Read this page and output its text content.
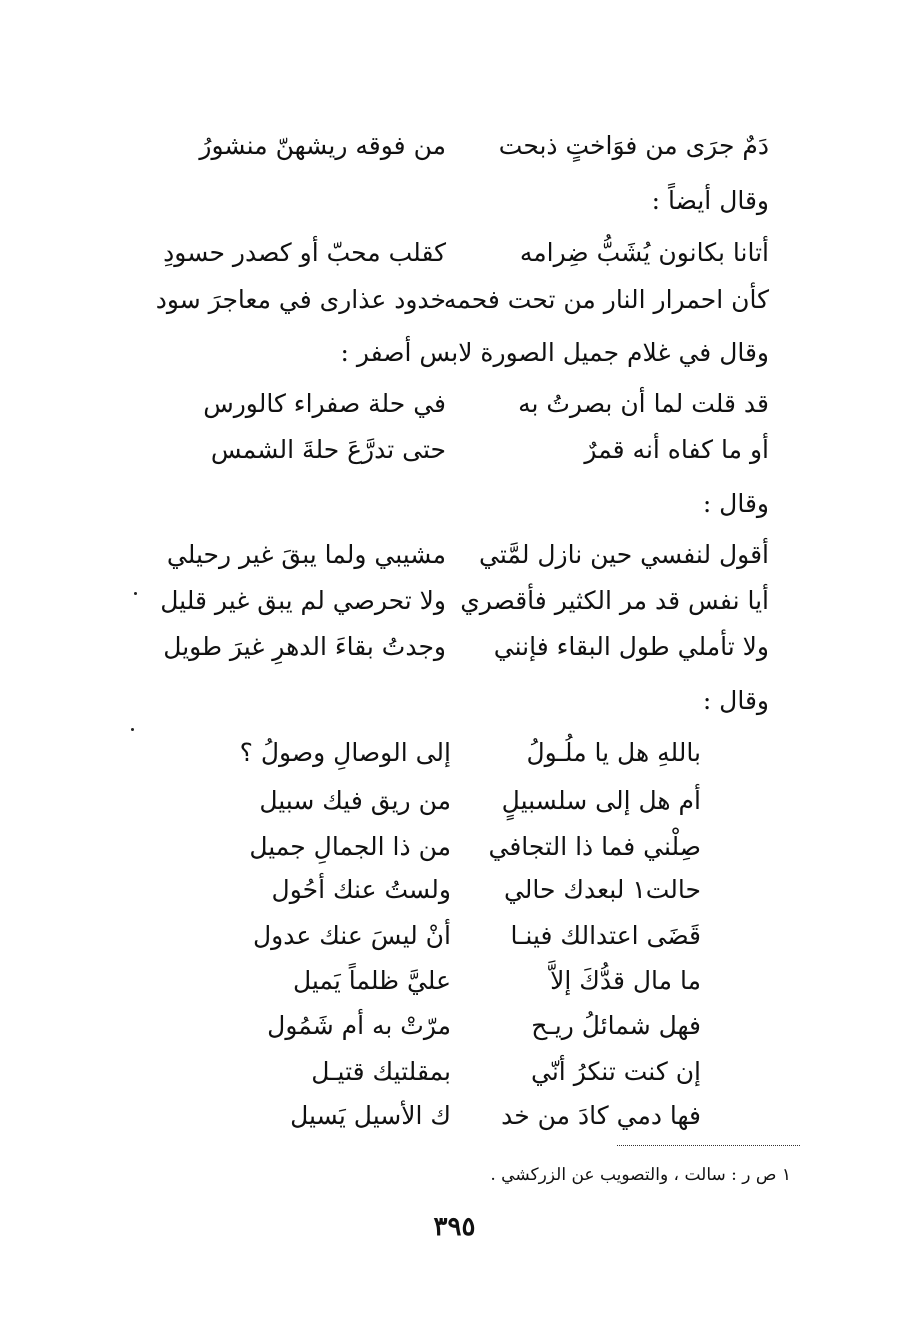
دَمٌ جرَى من فوَاختٍ ذبحت
من فوقه ريشهنّ منشورُ
وقال أيضاً :
أتانا بكانون يُشَبُّ ضِرامه
كقلب محبّ أو كصدر حسودِ
كأن احمرار النار من تحت فحمه
خدود عذارى في معاجرَ سود
وقال في غلام جميل الصورة لابس أصفر :
قد قلت لما أن بصرتُ به
في حلة صفراء كالورس
أو ما كفاه أنه قمرٌ
حتى تدرَّعَ حلةَ الشمس
وقال :
أقول لنفسي حين نازل لمَّتي
مشيبي ولما يبقَ غير رحيلي
أيا نفس قد مر الكثير فأقصري
ولا تحرصي لم يبق غير قليل
ولا تأملي طول البقاء فإنني
وجدتُ بقاءَ الدهرِ غيرَ طويل
وقال :
باللهِ هل يا ملُـولُ
إلى الوصالِ وصولُ ؟
أم هل إلى سلسبيلٍ
من ريق فيك سبيل
صِلْني فما ذا التجافي
من ذا الجمالِ جميل
حالت١ لبعدك حالي
ولستُ عنك أحُول
قَضَى اعتدالك فينـا
أنْ ليسَ عنك عدول
ما مال قدُّكَ إلاَّ
عليَّ ظلماً يَميل
فهل شمائلُ ريـح
مرّتْ به أم شَمُول
إن كنت تنكرُ أنّي
بمقلتيك قتيـل
فها دمي كادَ من خد
ك الأسيل يَسيل
١ ص ر : سالت ، والتصويب عن الزركشي .
٣٩٥
